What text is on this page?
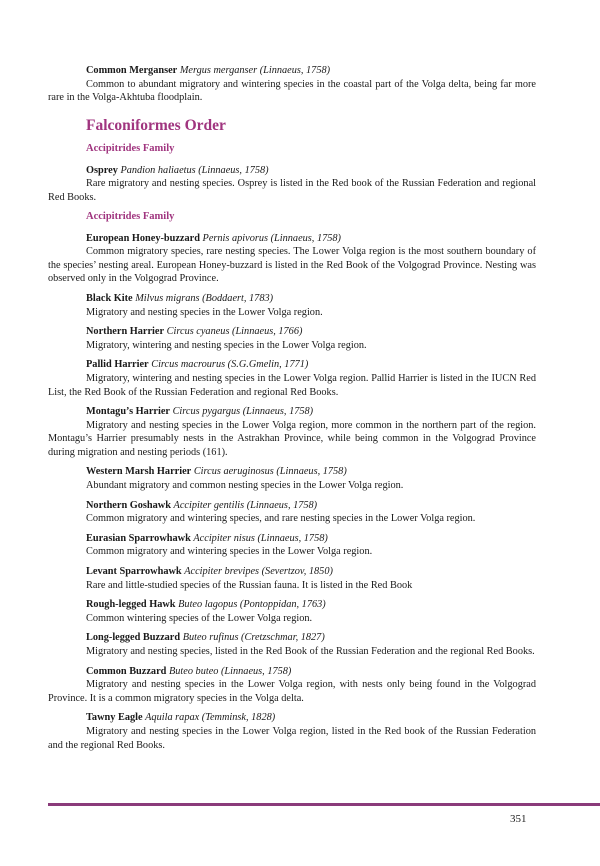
Common Merganser Mergus merganser (Linnaeus, 1758)
Common to abundant migratory and wintering species in the coastal part of the Volga delta, being far more rare in the Volga-Akhtuba floodplain.
Falconiformes Order
Accipitrides Family
Osprey Pandion haliaetus (Linnaeus, 1758)
Rare migratory and nesting species. Osprey is listed in the Red book of the Russian Federation and regional Red Books.
Accipitrides Family
European Honey-buzzard Pernis apivorus (Linnaeus, 1758)
Common migratory species, rare nesting species. The Lower Volga region is the most southern boundary of the species’ nesting areal. European Honey-buzzard is listed in the Red Book of the Volgograd Province. Nesting was observed only in the Volgograd Province.
Black Kite Milvus migrans (Boddaert, 1783)
Migratory and nesting species in the Lower Volga region.
Northern Harrier Circus cyaneus (Linnaeus, 1766)
Migratory, wintering and nesting species in the Lower Volga region.
Pallid Harrier Circus macrourus (S.G.Gmelin, 1771)
Migratory, wintering and nesting species in the Lower Volga region. Pallid Harrier is listed in the IUCN Red List, the Red Book of the Russian Federation and regional Red Books.
Montagu’s Harrier Circus pygargus (Linnaeus, 1758)
Migratory and nesting species in the Lower Volga region, more common in the northern part of the region. Montagu’s Harrier presumably nests in the Astrakhan Province, while being common in the Volgograd Province during migration and nesting periods (161).
Western Marsh Harrier Circus aeruginosus (Linnaeus, 1758)
Abundant migratory and common nesting species in the Lower Volga region.
Northern Goshawk Accipiter gentilis (Linnaeus, 1758)
Common migratory and wintering species, and rare nesting species in the Lower Volga region.
Eurasian Sparrowhawk Accipiter nisus (Linnaeus, 1758)
Common migratory and wintering species in the Lower Volga region.
Levant Sparrowhawk Accipiter brevipes (Severtzov, 1850)
Rare and little-studied species of the Russian fauna. It is listed in the Red Book
Rough-legged Hawk Buteo lagopus (Pontoppidan, 1763)
Common wintering species of the Lower Volga region.
Long-legged Buzzard Buteo rufinus (Cretzschmar, 1827)
Migratory and nesting species, listed in the Red Book of the Russian Federation and the regional Red Books.
Common Buzzard Buteo buteo (Linnaeus, 1758)
Migratory and nesting species in the Lower Volga region, with nests only being found in the Volgograd Province. It is a common migratory species in the Volga delta.
Tawny Eagle Aquila rapax (Temminsk, 1828)
Migratory and nesting species in the Lower Volga region, listed in the Red book of the Russian Federation and the regional Red Books.
351
